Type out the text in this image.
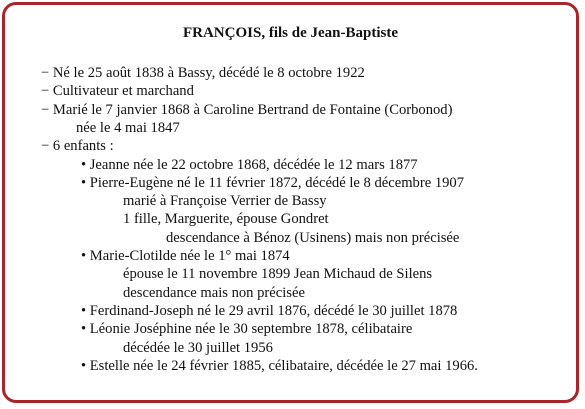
FRANÇOIS, fils de Jean-Baptiste
− Né le 25 août 1838 à Bassy, décédé le 8 octobre 1922
− Cultivateur et marchand
− Marié le 7 janvier 1868 à Caroline Bertrand de Fontaine (Corbonod)
née le 4 mai 1847
− 6 enfants :
• Jeanne née le 22 octobre 1868, décédée le 12 mars 1877
• Pierre-Eugène né le 11 février 1872, décédé le 8 décembre 1907
marié à Françoise Verrier de Bassy
1 fille, Marguerite, épouse Gondret
descendance à Bénoz (Usinens) mais non précisée
• Marie-Clotilde née le 1° mai 1874
épouse le 11 novembre 1899 Jean Michaud de Silens
descendance mais non précisée
• Ferdinand-Joseph né le 29 avril 1876, décédé le 30 juillet 1878
• Léonie Joséphine née le 30 septembre 1878, célibataire
décédée le 30 juillet 1956
• Estelle née le 24 février 1885, célibataire, décédée le 27 mai 1966.
